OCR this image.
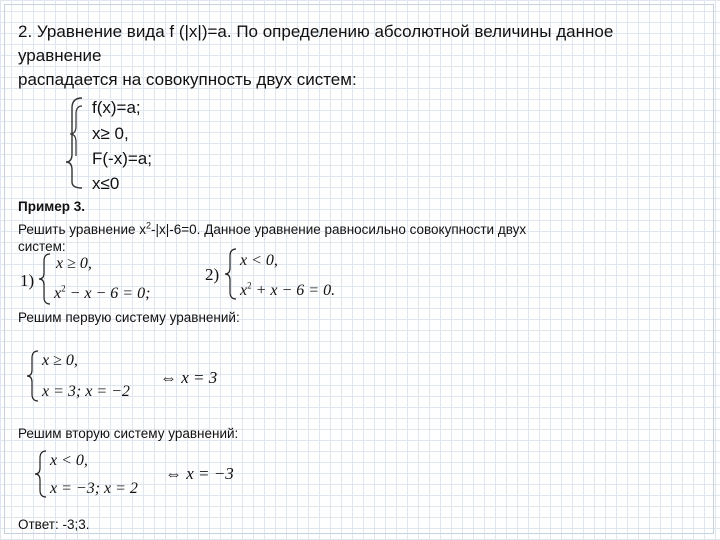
2. Уравнение вида f (|x|)=a. По определению абсолютной величины данное
уравнение
распадается на совокупность двух систем:
f(x)=a;
x≥ 0,
F(-x)=a;
x≤0
Пример 3.
Решить уравнение $x^2-|x|-6=0$. Данное уравнение равносильно совокупности двух
систем:
1)
x ≥ 0,
$x^2 - x - 6 = 0$;
2)
x < 0,
$x^2 + x - 6 = 0$.
Решим первую систему уравнений:
x ≥ 0,
x = 3; x = −2
⇔ x = 3
Решим вторую систему уравнений:
x < 0,
x = −3; x = 2
⇔ x = −3
Ответ: -3;3.
